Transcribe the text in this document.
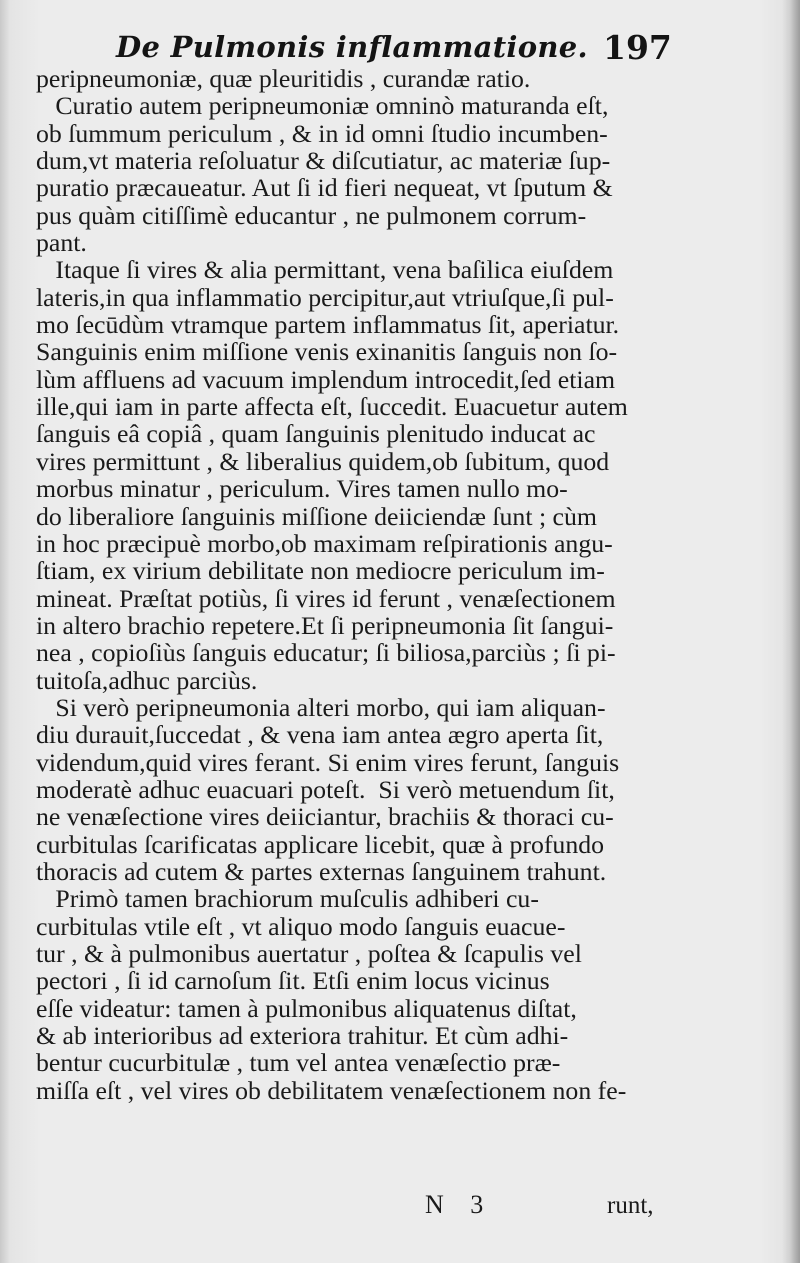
De Pulmonis inflammatione. 197
peripneumoniæ, quæ pleuritidis , curandæ ratio.
Curatio autem peripneumoniæ omninò maturanda eſt,
ob ſummum periculum , & in id omni ſtudio incumben-
dum,vt materia reſoluatur & diſcutiatur, ac materiæ ſup-
puratio præcaueatur. Aut ſi id fieri nequeat, vt ſputum &
pus quàm citiſſimè educantur , ne pulmonem corrum-
pant.
Itaque ſi vires & alia permittant, vena baſilica eiuſdem
lateris,in qua inflammatio percipitur,aut vtriuſque,ſi pul-
mo ſecūdùm vtramque partem inflammatus ſit, aperiatur.
Sanguinis enim miſſione venis exinanitis ſanguis non ſo-
lùm affluens ad vacuum implendum introcedit,ſed etiam
ille,qui iam in parte affecta eſt, ſuccedit. Euacuetur autem
ſanguis eâ copiâ , quam ſanguinis plenitudo inducat ac
vires permittunt , & liberalius quidem,ob ſubitum, quod
morbus minatur , periculum. Vires tamen nullo mo-
do liberaliore ſanguinis miſſione deiiciendæ ſunt ; cùm
in hoc præcipuè morbo,ob maximam reſpirationis angu-
ſtiam, ex virium debilitate non mediocre periculum im-
mineat. Præſtat potiùs, ſi vires id ferunt , venæſectionem
in altero brachio repetere.Et ſi peripneumonia ſit ſangui-
nea , copioſiùs ſanguis educatur; ſi biliosa,parciùs ; ſi pi-
tuitoſa,adhuc parciùs.
Si verò peripneumonia alteri morbo, qui iam aliquan-
diu durauit,ſuccedat , & vena iam antea ægro aperta ſit,
videndum,quid vires ferant. Si enim vires ferunt, ſanguis
moderatè adhuc euacuari poteſt.  Si verò metuendum ſit,
ne venæſectione vires deiiciantur, brachiis & thoraci cu-
curbitulas ſcarificatas applicare licebit, quæ à profundo
thoracis ad cutem & partes externas ſanguinem trahunt.
Primò tamen brachiorum muſculis adhiberi cu-
curbitulas vtile eſt , vt aliquo modo ſanguis euacue-
tur , & à pulmonibus auertatur , poſtea & ſcapulis vel
pectori , ſi id carnoſum ſit. Etſi enim locus vicinus
eſſe videatur: tamen à pulmonibus aliquatenus diſtat,
& ab interioribus ad exteriora trahitur. Et cùm adhi-
bentur cucurbitulæ , tum vel antea venæſectio præ-
miſſa eſt , vel vires ob debilitatem venæſectionem non fe-
N 3	runt,
